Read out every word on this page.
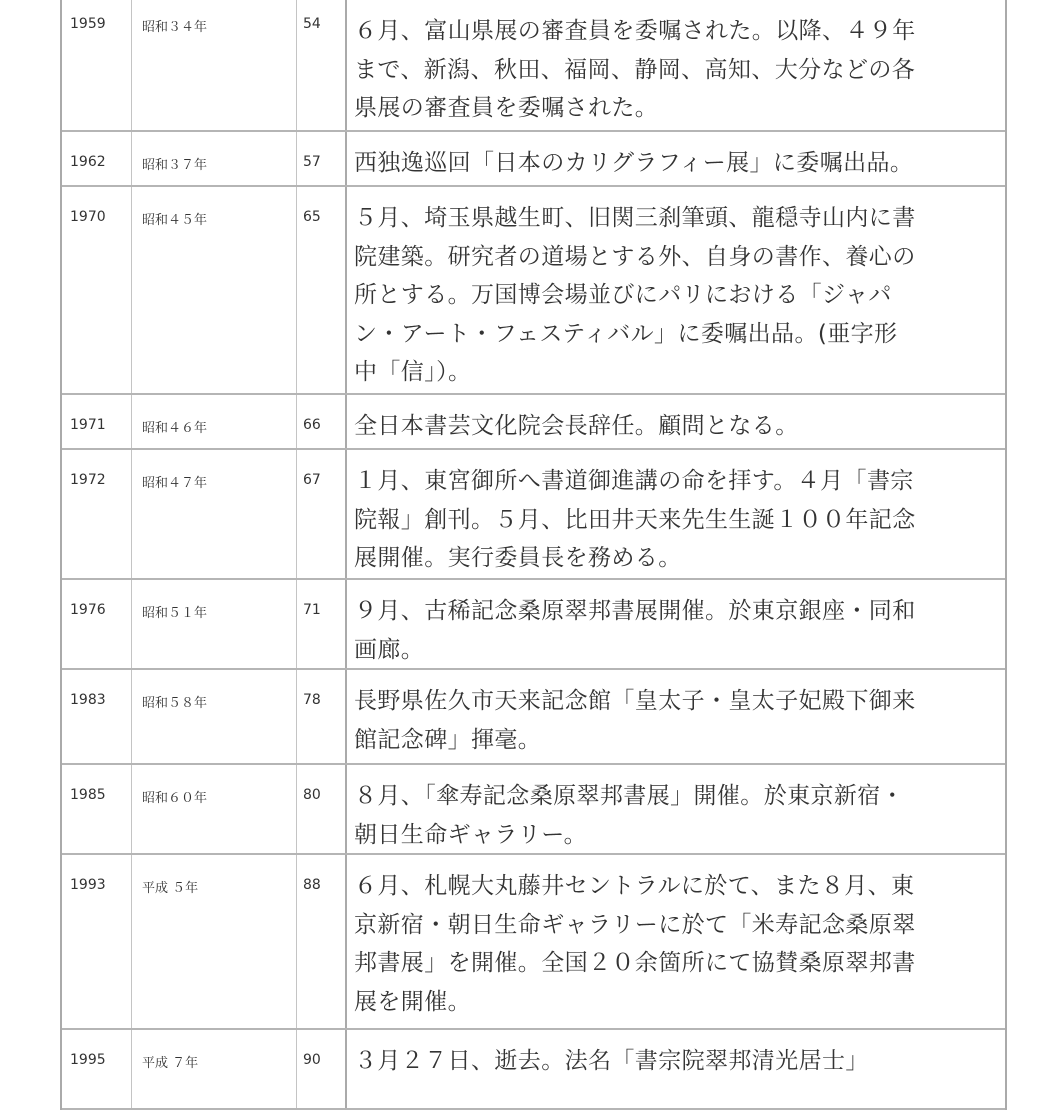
1959	昭和３４年	54	６月、富山県展の審査員を委嘱された。以降、４９年
まで、新潟、秋田、福岡、静岡、高知、大分などの各
県展の審査員を委嘱された。
1962	昭和３７年	57	西独逸巡回「日本のカリグラフィー展」に委嘱出品。
1970	昭和４５年	65	５月、埼玉県越生町、旧関三刹筆頭、龍穏寺山内に書
院建築。研究者の道場とする外、自身の書作、養心の
所とする。万国博会場並びにパリにおける「ジャパ
ン・アート・フェスティバル」に委嘱出品。(亜字形
中「信」）。
1971	昭和４６年	66	全日本書芸文化院会長辞任。顧問となる。
1972	昭和４７年	67	１月、東宮御所へ書道御進講の命を拝す。４月「書宗
院報」創刊。５月、比田井天来先生生誕１００年記念
展開催。実行委員長を務める。
1976	昭和５１年	71	９月、古稀記念桑原翠邦書展開催。於東京銀座・同和
画廊。
1983	昭和５８年	78	長野県佐久市天来記念館「皇太子・皇太子妃殿下御来
館記念碑」揮毫。
1985	昭和６０年	80	８月、「傘寿記念桑原翠邦書展」開催。於東京新宿・
朝日生命ギャラリー。
1993	平成 ５年	88	６月、札幌大丸藤井セントラルに於て、また８月、東
京新宿・朝日生命ギャラリーに於て「米寿記念桑原翠
邦書展」を開催。全国２０余箇所にて協賛桑原翠邦書
展を開催。
1995	平成 ７年	90	３月２７日、逝去。法名「書宗院翠邦清光居士」
